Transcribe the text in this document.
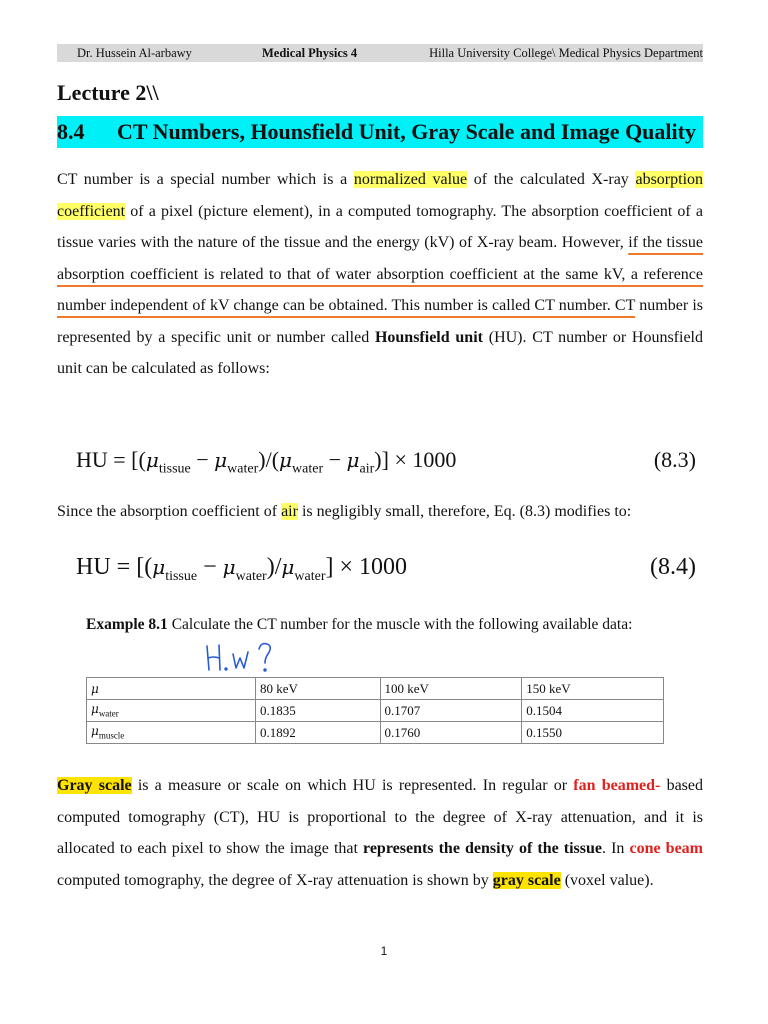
Dr. Hussein Al-arbawy	Medical Physics 4	Hilla University College\ Medical Physics Department
Lecture 2\\
8.4 CT Numbers, Hounsfield Unit, Gray Scale and Image Quality
CT number is a special number which is a normalized value of the calculated X-ray absorption coefficient of a pixel (picture element), in a computed tomography. The absorption coefficient of a tissue varies with the nature of the tissue and the energy (kV) of X-ray beam. However, if the tissue absorption coefficient is related to that of water absorption coefficient at the same kV, a reference number independent of kV change can be obtained. This number is called CT number. CT number is represented by a specific unit or number called Hounsfield unit (HU). CT number or Hounsfield unit can be calculated as follows:
HU = $[(\mu_{tissue} - \mu_{water})/(\mu_{water} - \mu_{air})] \times 1000$	(8.3)
Since the absorption coefficient of air is negligibly small, therefore, Eq. (8.3) modifies to:
HU = $[(\mu_{tissue} - \mu_{water})/\mu_{water}] \times 1000$	(8.4)
Example 8.1 Calculate the CT number for the muscle with the following available data:
H.w ?
μ	80 keV	100 keV	150 keV
$\mu_{water}$	0.1835	0.1707	0.1504
$\mu_{muscle}$	0.1892	0.1760	0.1550
Gray scale is a measure or scale on which HU is represented. In regular or fan beamed- based computed tomography (CT), HU is proportional to the degree of X-ray attenuation, and it is allocated to each pixel to show the image that represents the density of the tissue. In cone beam computed tomography, the degree of X-ray attenuation is shown by gray scale (voxel value).
1
